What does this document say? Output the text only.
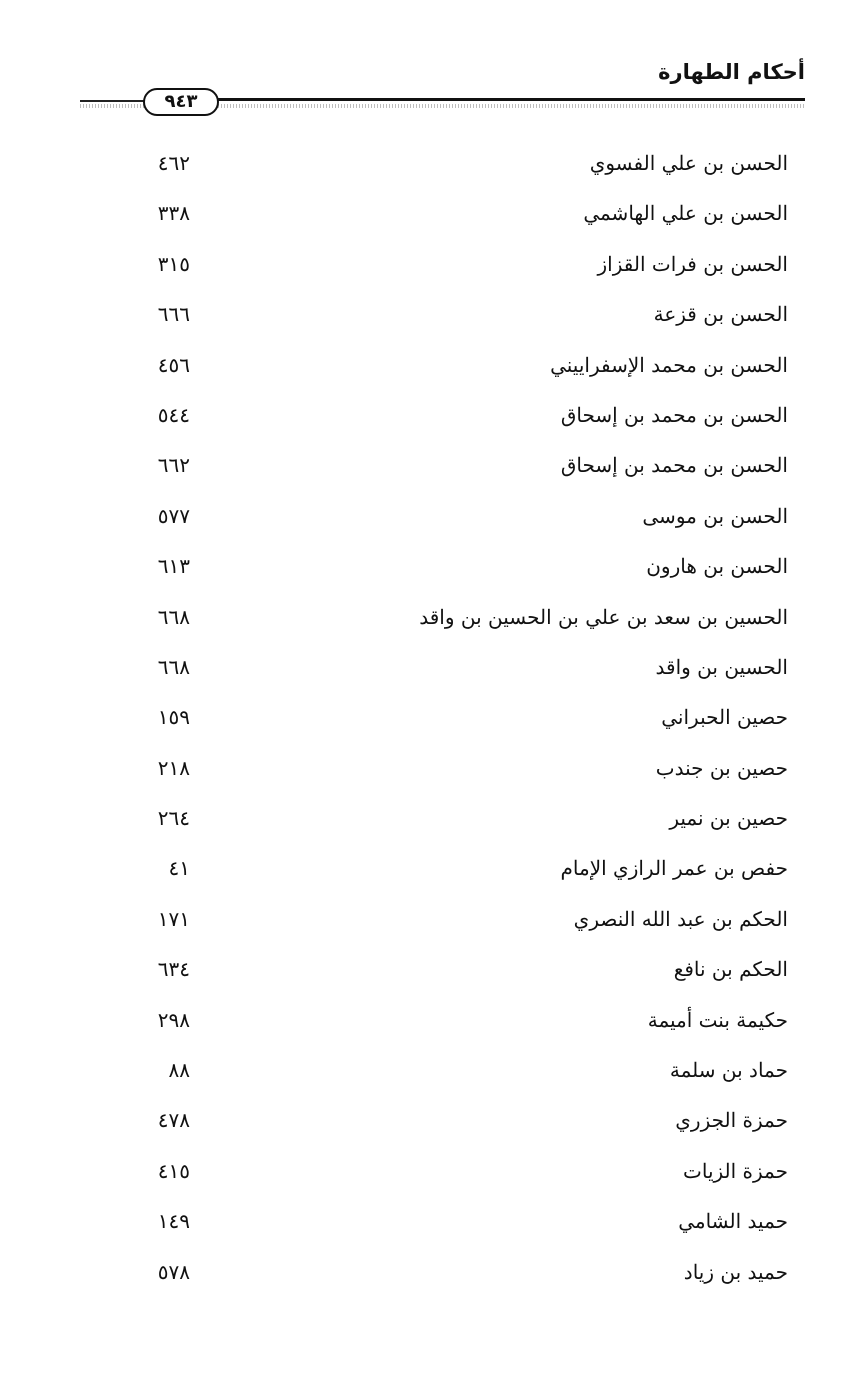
أحكام الطهارة
٩٤٣
الحسن بن علي الفسوي
٤٦٢
الحسن بن علي الهاشمي
٣٣٨
الحسن بن فرات القزاز
٣١٥
الحسن بن قزعة
٦٦٦
الحسن بن محمد الإسفراييني
٤٥٦
الحسن بن محمد بن إسحاق
٥٤٤
الحسن بن محمد بن إسحاق
٦٦٢
الحسن بن موسى
٥٧٧
الحسن بن هارون
٦١٣
الحسين بن سعد بن علي بن الحسين بن واقد
٦٦٨
الحسين بن واقد
٦٦٨
حصين الحبراني
١٥٩
حصين بن جندب
٢١٨
حصين بن نمير
٢٦٤
حفص بن عمر الرازي الإمام
٤١
الحكم بن عبد الله النصري
١٧١
الحكم بن نافع
٦٣٤
حكيمة بنت أميمة
٢٩٨
حماد بن سلمة
٨٨
حمزة الجزري
٤٧٨
حمزة الزيات
٤١٥
حميد الشامي
١٤٩
حميد بن زياد
٥٧٨
